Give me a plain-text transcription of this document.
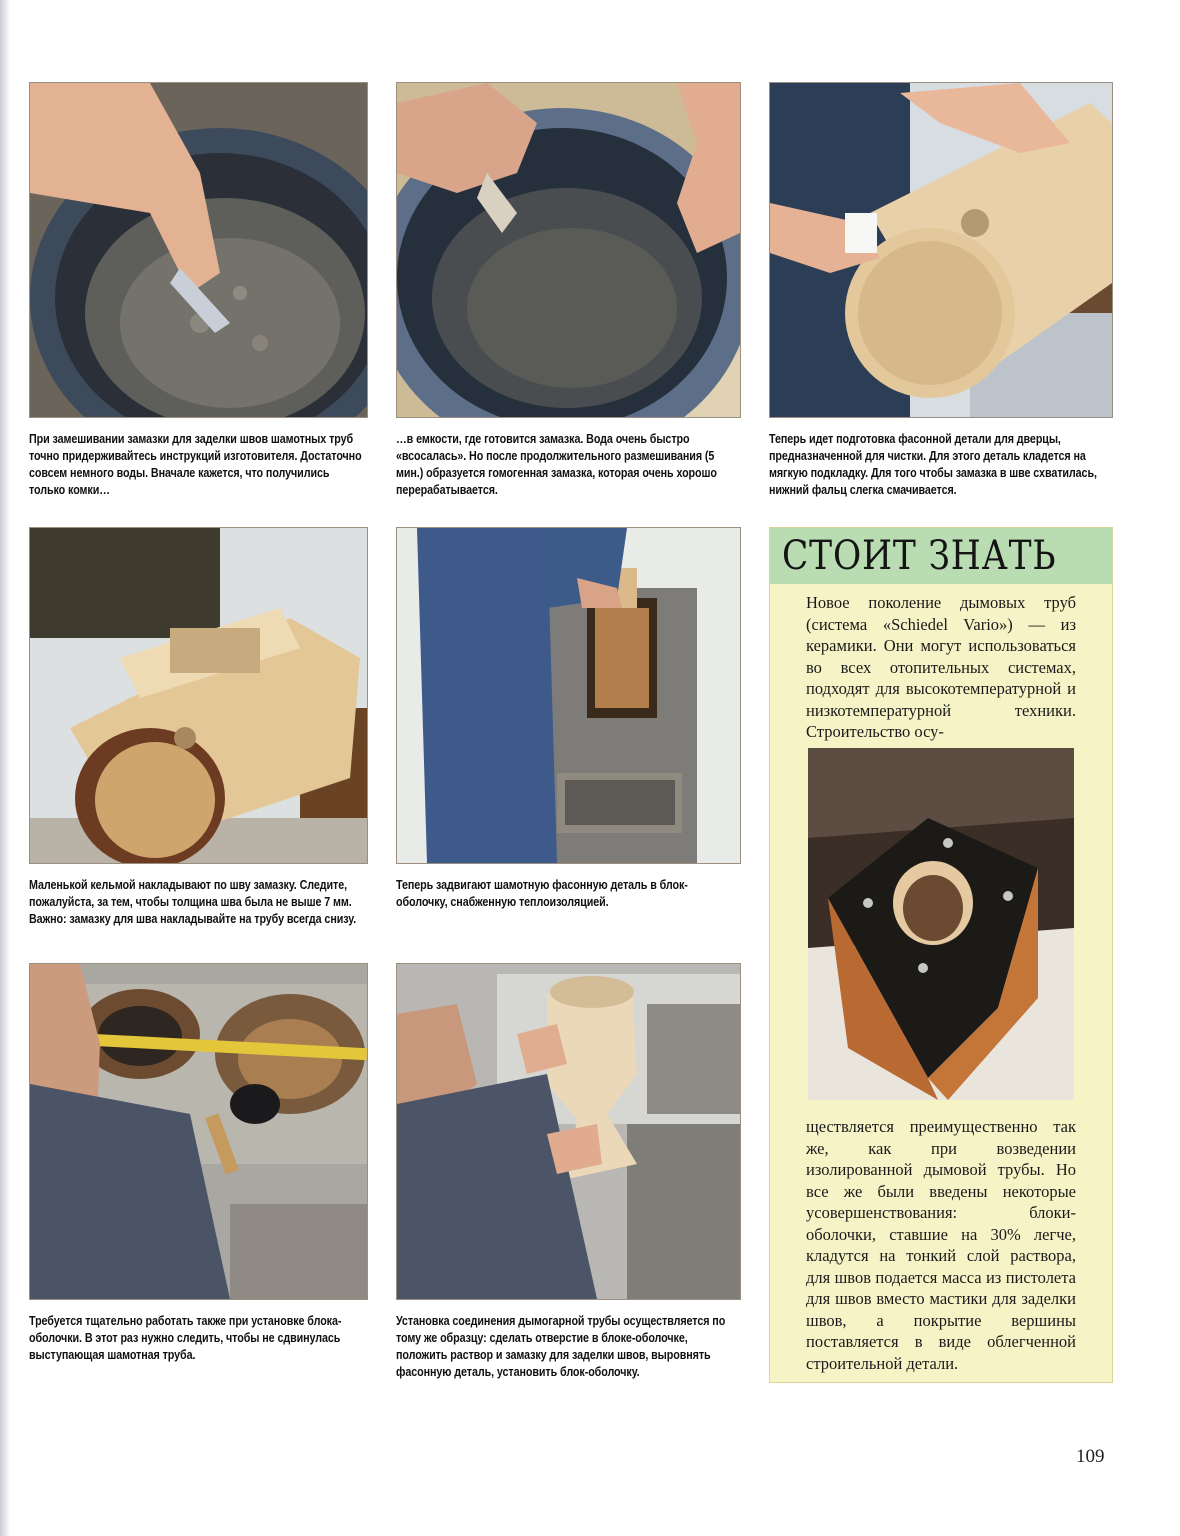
При замешивании замазки для заделки швов шамотных труб точно придерживайтесь инструкций изготовителя. Достаточно совсем немного воды. Вначале кажется, что получились только комки…
…в емкости, где готовится замазка. Вода очень быстро «всосалась». Но после продолжительного размешивания (5 мин.) образуется гомогенная замазка, которая очень хорошо перерабатывается.
Теперь идет подготовка фасонной детали для дверцы, предназначенной для чистки. Для этого деталь кладется на мягкую подкладку. Для того чтобы замазка в шве схватилась, нижний фальц слегка смачивается.
СТОИТ ЗНАТЬ
Новое поколение дымовых труб (система «Schiedel Vario») — из керамики. Они могут использоваться во всех отопительных системах, подходят для высокотемпературной и низкотемпературной техники. Строительство осу-
ществляется преимущественно так же, как при возведении изолированной дымовой трубы. Но все же были введены некоторые усовершенствования: блоки-оболочки, ставшие на 30% легче, кладутся на тонкий слой раствора, для швов подается масса из пистолета для швов вместо мастики для заделки швов, а покрытие вершины поставляется в виде облегченной строительной детали.
Маленькой кельмой накладывают по шву замазку. Следите, пожалуйста, за тем, чтобы толщина шва была не выше 7 мм. Важно: замазку для шва накладывайте на трубу всегда снизу.
Теперь задвигают шамотную фасонную деталь в блок-оболочку, снабженную теплоизоляцией.
Требуется тщательно работать также при установке блока-оболочки. В этот раз нужно следить, чтобы не сдвинулась выступающая шамотная труба.
Установка соединения дымогарной трубы осуществляется по тому же образцу: сделать отверстие в блоке-оболочке, положить раствор и замазку для заделки швов, выровнять фасонную деталь, установить блок-оболочку.
109
